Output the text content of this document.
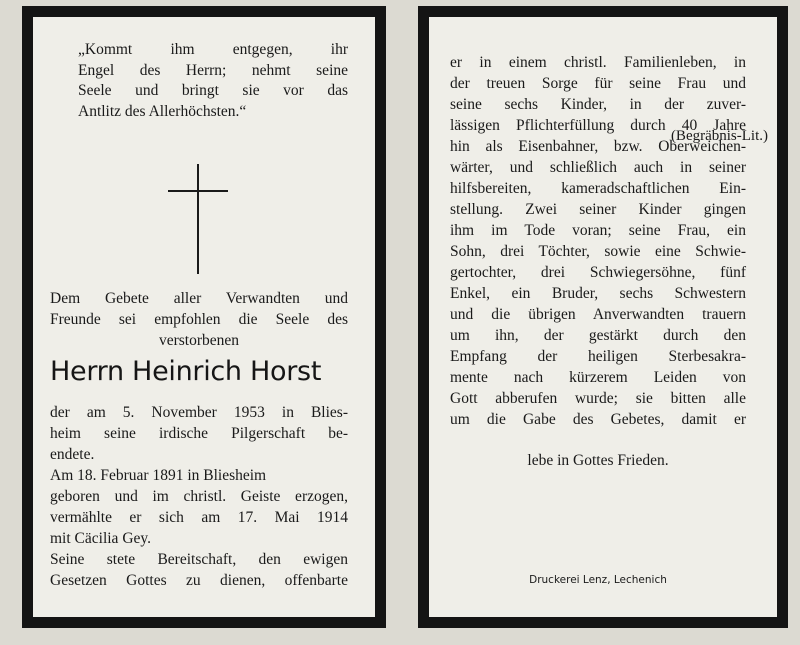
„Kommt ihm entgegen, ihr
Engel des Herrn; nehmt seine
Seele und bringt sie vor das
Antlitz des Allerhöchsten.“
(Begräbnis-Lit.)
Dem Gebete aller Verwandten und
Freunde sei empfohlen die Seele des
verstorbenen
Herrn Heinrich Horst
der am 5. November 1953 in Blies-
heim seine irdische Pilgerschaft be-
endete.
Am 18. Februar 1891 in Bliesheim
geboren und im christl. Geiste erzogen,
vermählte er sich am 17. Mai 1914
mit Cäcilia Gey.
Seine stete Bereitschaft, den ewigen
Gesetzen Gottes zu dienen, offenbarte
er in einem christl. Familienleben, in
der treuen Sorge für seine Frau und
seine sechs Kinder, in der zuver-
lässigen Pflichterfüllung durch 40 Jahre
hin als Eisenbahner, bzw. Oberweichen-
wärter, und schließlich auch in seiner
hilfsbereiten, kameradschaftlichen Ein-
stellung. Zwei seiner Kinder gingen
ihm im Tode voran; seine Frau, ein
Sohn, drei Töchter, sowie eine Schwie-
gertochter, drei Schwiegersöhne, fünf
Enkel, ein Bruder, sechs Schwestern
und die übrigen Anverwandten trauern
um ihn, der gestärkt durch den
Empfang der heiligen Sterbesakra-
mente nach kürzerem Leiden von
Gott abberufen wurde; sie bitten alle
um die Gabe des Gebetes, damit er
lebe in Gottes Frieden.
Druckerei Lenz, Lechenich
